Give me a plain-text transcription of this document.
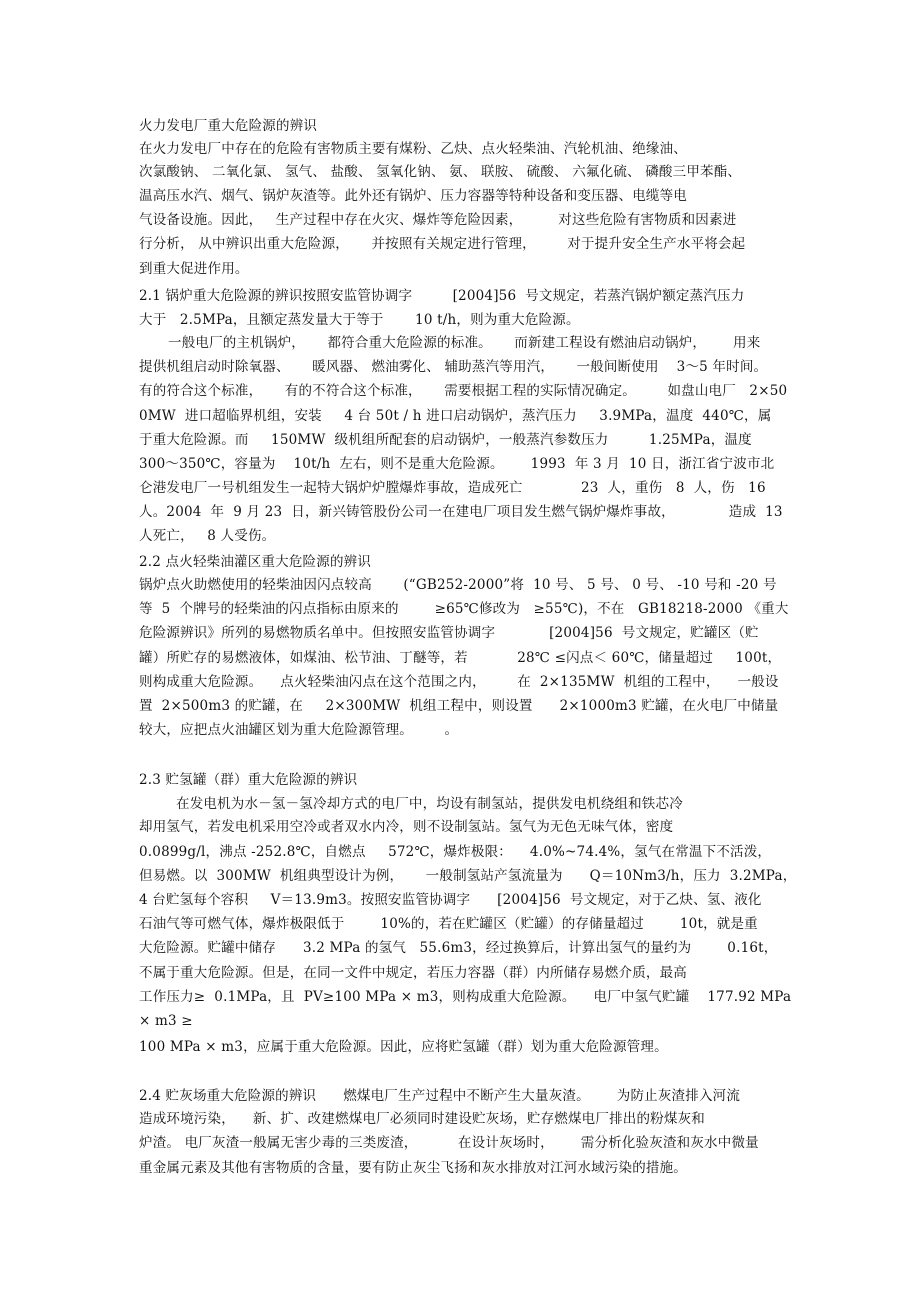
火力发电厂重大危险源的辨识
在火力发电厂中存在的危险有害物质主要有煤粉、乙炔、点火轻柴油、汽轮机油、绝缘油、
次氯酸钠、 二氧化氯、 氢气、 盐酸、 氢氧化钠、 氨、 联胺、 硫酸、 六氟化硫、 磷酸三甲苯酯、
温高压水汽、烟气、锅炉灰渣等。此外还有锅炉、压力容器等特种设备和变压器、电缆等电
气设备设施。因此，   生产过程中存在火灾、爆炸等危险因素，        对这些危险有害物质和因素进
行分析， 从中辨识出重大危险源，     并按照有关规定进行管理，       对于提升安全生产水平将会起
到重大促进作用。
2.1 锅炉重大危险源的辨识按照安监管协调字         [2004]56  号文规定，若蒸汽锅炉额定蒸汽压力
大于   2.5MPa，且额定蒸发量大于等于       10 t/h，则为重大危险源。
一般电厂的主机锅炉，     都符合重大危险源的标准。     而新建工程设有燃油启动锅炉，      用来
提供机组启动时除氧器、     暖风器、 燃油雾化、 辅助蒸汽等用汽，     一般间断使用    3～5 年时间。
有的符合这个标准，     有的不符合这个标准，     需要根据工程的实际情况确定。       如盘山电厂   2×50
0MW  进口超临界机组，安装     4 台 50t / h 进口启动锅炉，蒸汽压力     3.9MPa，温度  440℃，属
于重大危险源。而     150MW  级机组所配套的启动锅炉，一般蒸汽参数压力         1.25MPa，温度
300～350℃，容量为    10t/h  左右，则不是重大危险源。      1993  年 3 月  10 日，浙江省宁波市北
仑港发电厂一号机组发生一起特大锅炉炉膛爆炸事故，造成死亡             23  人，重伤   8  人，伤   16
人。2004  年  9 月 23  日，新兴铸管股份公司一在建电厂项目发生燃气锅炉爆炸事故，            造成  13
人死亡，   8 人受伤。
2.2 点火轻柴油灌区重大危险源的辨识
锅炉点火助燃使用的轻柴油因闪点较高       (“GB252-2000”将  10 号、 5 号、 0 号、 -10 号和 -20 号
等  5  个牌号的轻柴油的闪点指标由原来的        ≥65℃修改为   ≥55℃)，不在   GB18218-2000 《重大
危险源辨识》所列的易燃物质名单中。但按照安监管协调字            [2004]56  号文规定，贮罐区（贮
罐）所贮存的易燃液体，如煤油、松节油、丁醚等，若           28℃ ≤闪点＜ 60℃，储量超过     100t，
则构成重大危险源。    点火轻柴油闪点在这个范围之内，       在  2×135MW  机组的工程中，    一般设
置  2×500m3 的贮罐，在     2×300MW  机组工程中，则设置      2×1000m3 贮罐，在火电厂中储量
较大，应把点火油罐区划为重大危险源管理。       。
2.3 贮氢罐（群）重大危险源的辨识
在发电机为水－氢－氢冷却方式的电厂中，均设有制氢站，提供发电机绕组和铁芯冷
却用氢气，若发电机采用空冷或者双水内冷，则不设制氢站。氢气为无色无味气体，密度
0.0899g/l，沸点 -252.8℃，自燃点     572℃，爆炸极限：    4.0%~74.4%，氢气在常温下不活泼，
但易燃。以  300MW  机组典型设计为例，     一般制氢站产氢流量为      Q＝10Nm3/h，压力  3.2MPa，
4 台贮氢每个容积     V＝13.9m3。按照安监管协调字      [2004]56  号文规定，对于乙炔、氢、液化
石油气等可燃气体，爆炸极限低于        10%的，若在贮罐区（贮罐）的存储量超过        10t，就是重
大危险源。贮罐中储存      3.2 MPa 的氢气   55.6m3，经过换算后，计算出氢气的量约为        0.16t，
不属于重大危险源。但是，在同一文件中规定，若压力容器（群）内所储存易燃介质，最高
工作压力≥  0.1MPa，且  PV≥100 MPa × m3，则构成重大危险源。    电厂中氢气贮罐    177.92 MPa
× m3 ≥
100 MPa × m3，应属于重大危险源。因此，应将贮氢罐（群）划为重大危险源管理。
2.4 贮灰场重大危险源的辨识      燃煤电厂生产过程中不断产生大量灰渣。      为防止灰渣排入河流
造成环境污染，    新、扩、改建燃煤电厂必须同时建设贮灰场，贮存燃煤电厂排出的粉煤灰和
炉渣。 电厂灰渣一般属无害少毒的三类废渣，         在设计灰场时，      需分析化验灰渣和灰水中微量
重金属元素及其他有害物质的含量，要有防止灰尘飞扬和灰水排放对江河水域污染的措施。
